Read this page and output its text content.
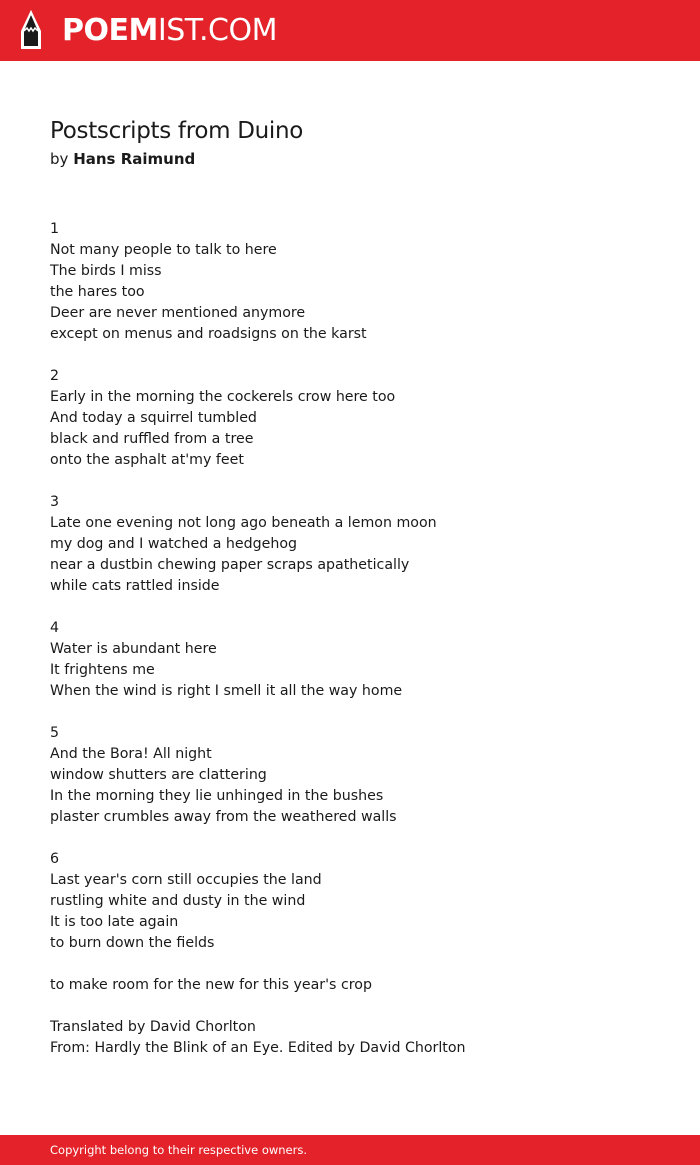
POEMIST.COM
Postscripts from Duino
by Hans Raimund
1
Not many people to talk to here
The birds I miss
the hares too
Deer are never mentioned anymore
except on menus and roadsigns on the karst
2
Early in the morning the cockerels crow here too
And today a squirrel tumbled
black and ruffled from a tree
onto the asphalt at'my feet
3
Late one evening not long ago beneath a lemon moon
my dog and I watched a hedgehog
near a dustbin chewing paper scraps apathetically
while cats rattled inside
4
Water is abundant here
It frightens me
When the wind is right I smell it all the way home
5
And the Bora! All night
window shutters are clattering
In the morning they lie unhinged in the bushes
plaster crumbles away from the weathered walls
6
Last year's corn still occupies the land
rustling white and dusty in the wind
It is too late again
to burn down the fields
to make room for the new for this year's crop
Translated by David Chorlton
From: Hardly the Blink of an Eye. Edited by David Chorlton
Copyright belong to their respective owners.
